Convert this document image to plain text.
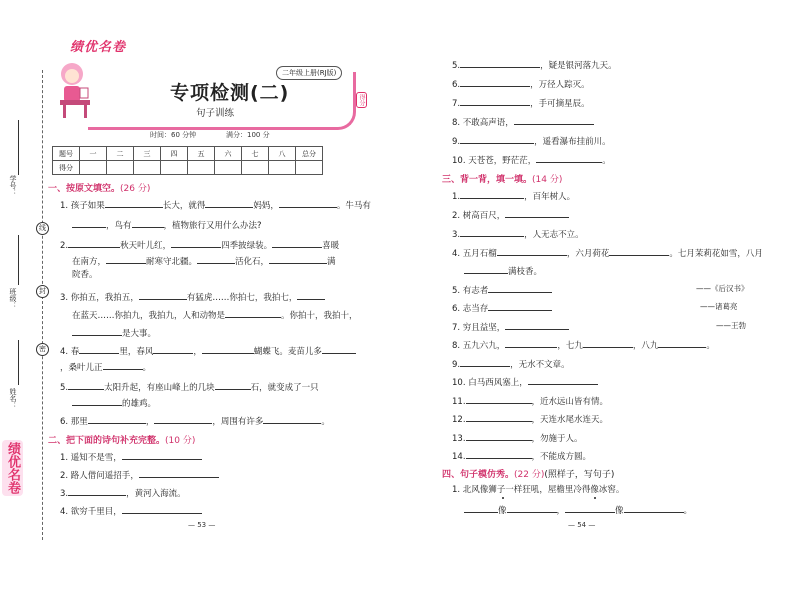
学号：
班级：
姓名：
线
封
密
绩优名卷
绩优名卷
二年级上册(RJ版)
得分
专项检测(二)
句子训练
时间：60 分钟	满分：100 分
题号	一	二	三	四	五	六	七	八	总分
得分									
一、按原文填空。(26 分)
1. 孩子如果	长大，就得	妈妈，	。牛马有
，鸟有	，植物旅行又用什么办法?
2.	秋天叶儿红，	四季披绿装。	喜暖
在南方，	耐寒守北疆。	活化石，	满
院香。
3. 你拍五，我拍五，	有猛虎……你拍七，我拍七，
在蓝天……你拍九，我拍九，人和动物是	。你拍十，我拍十，
是大事。
4. 春	里，春风	，	蝴蝶飞。麦苗儿多
，桑叶儿正	。
5.	太阳升起，有座山峰上的几块	石，就变成了一只
的雄鸡。
6. 那里	，	，周围有许多	。
二、把下面的诗句补充完整。(10 分)
1. 遥知不是雪，
2. 路人借问遥招手，
3.	，黄河入海流。
4. 欲穷千里目，
— 53 —
5.	，疑是银河落九天。
6.	，万径人踪灭。
7.	，手可摘星辰。
8. 不敢高声语，
9.	，遥看瀑布挂前川。
10. 天苍苍，野茫茫，	。
三、背一背，填一填。(14 分)
1.	，百年树人。
2. 树高百尺，
3.	，人无志不立。
4. 五月石榴	，六月荷花	。七月茉莉花如雪，八月
满枝香。
5. 有志者	——《后汉书》
6. 志当存	——诸葛亮
7. 穷且益坚，	——王勃
8. 五九六九，	，七九	，八九	。
9.	，无水不文章。
10. 白马西风塞上，
11.	，近水远山皆有情。
12.	，天连水尾水连天。
13.	，勿施于人。
14.	，不能成方圆。
四、句子模仿秀。(22 分)(照样子，写句子)
1. 北风像狮子一样狂吼，屋檐里冷得像冰窖。
像	，	像	。
— 54 —
